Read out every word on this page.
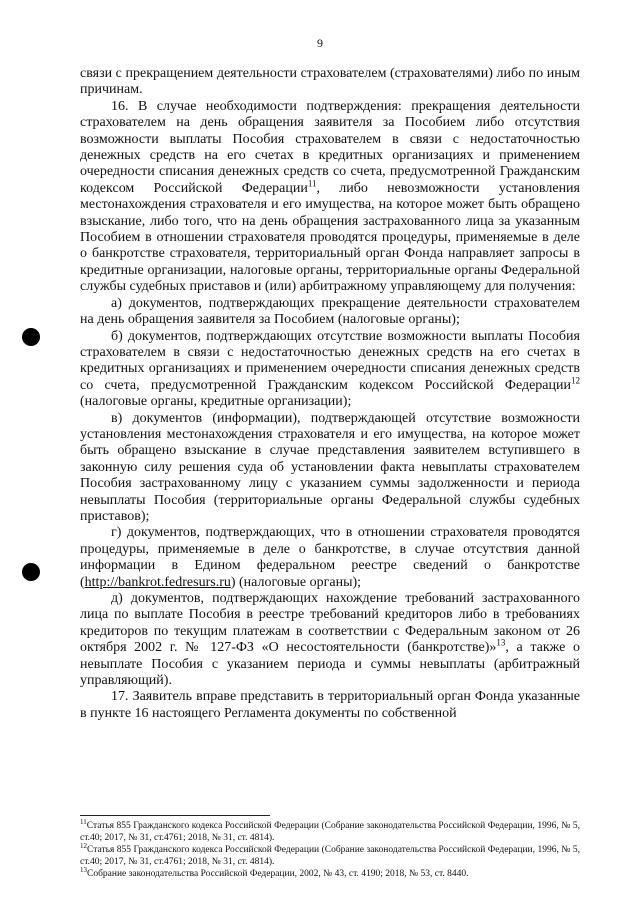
9

связи с прекращением деятельности страхователем (страхователями) либо по иным причинам.

16. В случае необходимости подтверждения: прекращения деятельности страхователем на день обращения заявителя за Пособием либо отсутствия возможности выплаты Пособия страхователем в связи с недостаточностью денежных средств на его счетах в кредитных организациях и применением очередности списания денежных средств со счета, предусмотренной Гражданским кодексом Российской Федерации$^{11}$, либо невозможности установления местонахождения страхователя и его имущества, на которое может быть обращено взыскание, либо того, что на день обращения застрахованного лица за указанным Пособием в отношении страхователя проводятся процедуры, применяемые в деле о банкротстве страхователя, территориальный орган Фонда направляет запросы в кредитные организации, налоговые органы, территориальные органы Федеральной службы судебных приставов и (или) арбитражному управляющему для получения:

а) документов, подтверждающих прекращение деятельности страхователем на день обращения заявителя за Пособием (налоговые органы);

б) документов, подтверждающих отсутствие возможности выплаты Пособия страхователем в связи с недостаточностью денежных средств на его счетах в кредитных организациях и применением очередности списания денежных средств со счета, предусмотренной Гражданским кодексом Российской Федерации$^{12}$ (налоговые органы, кредитные организации);

в) документов (информации), подтверждающей отсутствие возможности установления местонахождения страхователя и его имущества, на которое может быть обращено взыскание в случае представления заявителем вступившего в законную силу решения суда об установлении факта невыплаты страхователем Пособия застрахованному лицу с указанием суммы задолженности и периода невыплаты Пособия (территориальные органы Федеральной службы судебных приставов);

г) документов, подтверждающих, что в отношении страхователя проводятся процедуры, применяемые в деле о банкротстве, в случае отсутствия данной информации в Едином федеральном реестре сведений о банкротстве (http://bankrot.fedresurs.ru) (налоговые органы);

д) документов, подтверждающих нахождение требований застрахованного лица по выплате Пособия в реестре требований кредиторов либо в требованиях кредиторов по текущим платежам в соответствии с Федеральным законом от 26 октября 2002 г. № 127-ФЗ «О несостоятельности (банкротстве)»$^{13}$, а также о невыплате Пособия с указанием периода и суммы невыплаты (арбитражный управляющий).

17. Заявитель вправе представить в территориальный орган Фонда указанные в пункте 16 настоящего Регламента документы по собственной

$^{11}$Статья 855 Гражданского кодекса Российской Федерации (Собрание законодательства Российской Федерации, 1996, № 5, ст.40; 2017, № 31, ст.4761; 2018, № 31, ст. 4814).

$^{12}$Статья 855 Гражданского кодекса Российской Федерации (Собрание законодательства Российской Федерации, 1996, № 5, ст.40; 2017, № 31, ст.4761; 2018, № 31, ст. 4814).

$^{13}$Собрание законодательства Российской Федерации, 2002, № 43, ст. 4190; 2018, № 53, ст. 8440.
